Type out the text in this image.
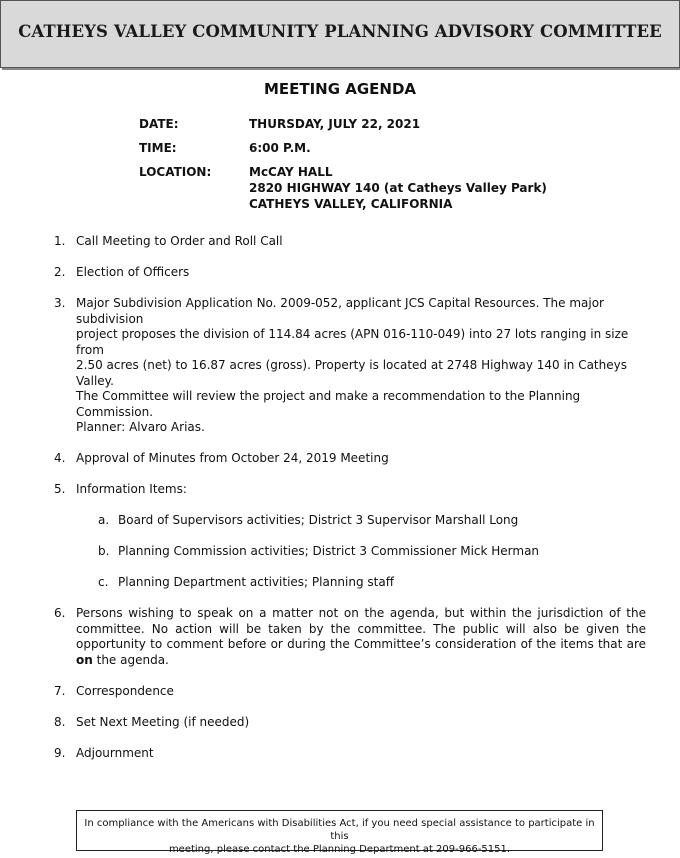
CATHEYS VALLEY COMMUNITY PLANNING ADVISORY COMMITTEE
MEETING AGENDA
DATE:	THURSDAY, JULY 22, 2021
TIME:	6:00 P.M.
LOCATION:	McCAY HALL
2820 HIGHWAY 140 (at Catheys Valley Park)
CATHEYS VALLEY, CALIFORNIA
1. Call Meeting to Order and Roll Call
2. Election of Officers
3. Major Subdivision Application No. 2009-052, applicant JCS Capital Resources. The major subdivision
project proposes the division of 114.84 acres (APN 016-110-049) into 27 lots ranging in size from
2.50 acres (net) to 16.87 acres (gross). Property is located at 2748 Highway 140 in Catheys Valley.
The Committee will review the project and make a recommendation to the Planning Commission.
Planner: Alvaro Arias.
4. Approval of Minutes from October 24, 2019 Meeting
5. Information Items:
a. Board of Supervisors activities; District 3 Supervisor Marshall Long
b. Planning Commission activities; District 3 Commissioner Mick Herman
c. Planning Department activities; Planning staff
6. Persons wishing to speak on a matter not on the agenda, but within the jurisdiction of the committee. No action will be taken by the committee. The public will also be given the opportunity to comment before or during the Committee’s consideration of the items that are on the agenda.
7. Correspondence
8. Set Next Meeting (if needed)
9. Adjournment
In compliance with the Americans with Disabilities Act, if you need special assistance to participate in this
meeting, please contact the Planning Department at 209-966-5151.
